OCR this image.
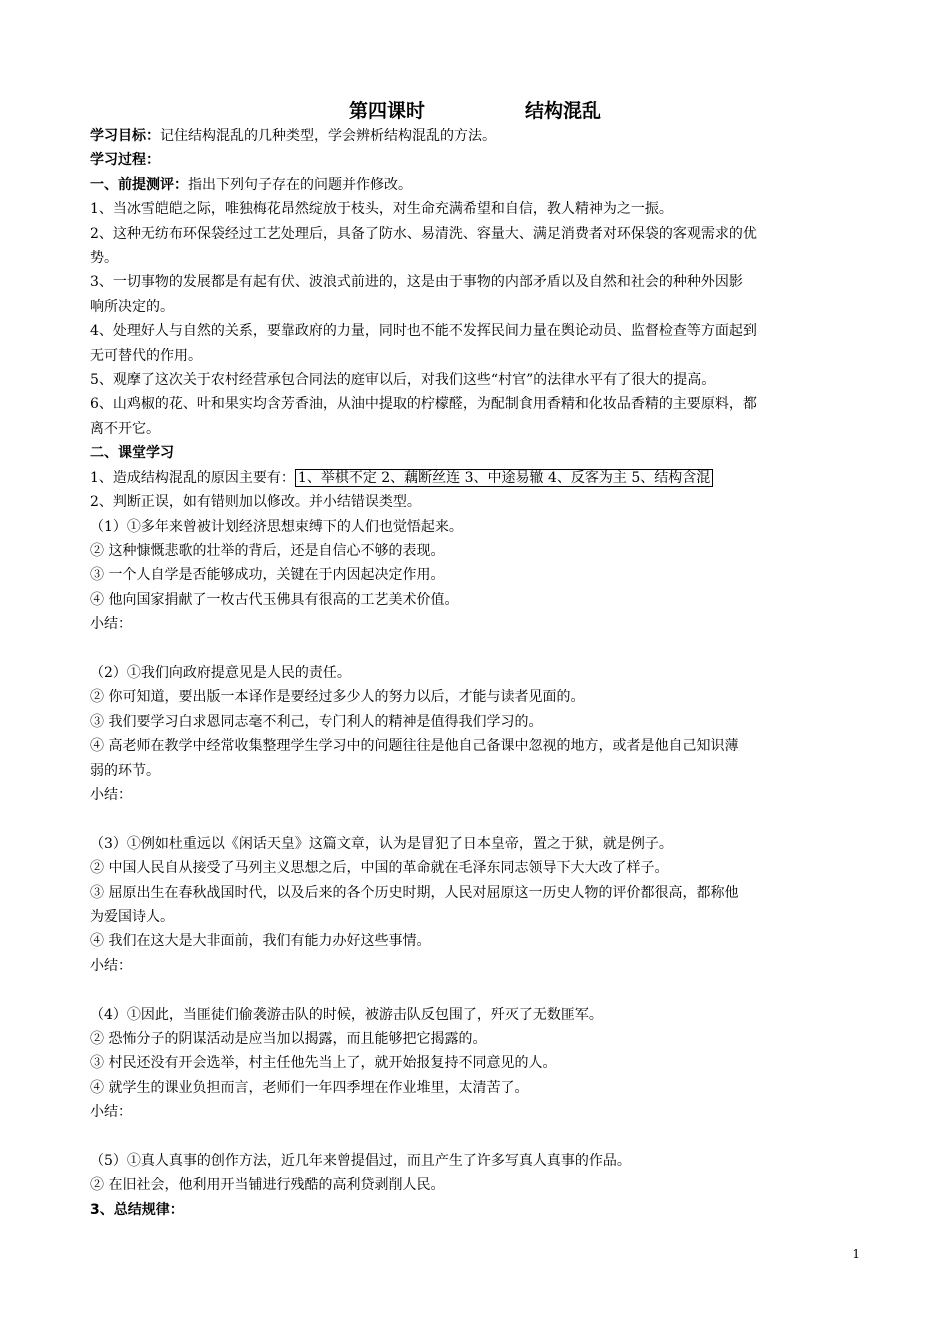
第四课时	结构混乱

学习目标：记住结构混乱的几种类型，学会辨析结构混乱的方法。

学习过程：

一、前提测评：指出下列句子存在的问题并作修改。

1、当冰雪皑皑之际，唯独梅花昂然绽放于枝头，对生命充满希望和自信，教人精神为之一振。

2、这种无纺布环保袋经过工艺处理后，具备了防水、易清洗、容量大、满足消费者对环保袋的客观需求的优

势。

3、一切事物的发展都是有起有伏、波浪式前进的，这是由于事物的内部矛盾以及自然和社会的种种外因影

响所决定的。

4、处理好人与自然的关系，要靠政府的力量，同时也不能不发挥民间力量在舆论动员、监督检查等方面起到

无可替代的作用。

5、观摩了这次关于农村经营承包合同法的庭审以后，对我们这些“村官”的法律水平有了很大的提高。

6、山鸡椒的花、叶和果实均含芳香油，从油中提取的柠檬醛，为配制食用香精和化妆品香精的主要原料，都

离不开它。

二、课堂学习

1、造成结构混乱的原因主要有： 1、举棋不定 2、藕断丝连 3、中途易辙 4、反客为主 5、结构含混

2、判断正误，如有错则加以修改。并小结错误类型。

（1）①多年来曾被计划经济思想束缚下的人们也觉悟起来。

② 这种慷慨悲歌的壮举的背后，还是自信心不够的表现。

③ 一个人自学是否能够成功，关键在于内因起决定作用。

④ 他向国家捐献了一枚古代玉佛具有很高的工艺美术价值。

小结：

（2）①我们向政府提意见是人民的责任。

② 你可知道，要出版一本译作是要经过多少人的努力以后，才能与读者见面的。

③ 我们要学习白求恩同志毫不利己，专门利人的精神是值得我们学习的。

④ 高老师在教学中经常收集整理学生学习中的问题往往是他自己备课中忽视的地方，或者是他自己知识薄

弱的环节。

小结：

（3）①例如杜重远以《闲话天皇》这篇文章，认为是冒犯了日本皇帝，置之于狱，就是例子。

② 中国人民自从接受了马列主义思想之后，中国的革命就在毛泽东同志领导下大大改了样子。

③ 屈原出生在春秋战国时代，以及后来的各个历史时期，人民对屈原这一历史人物的评价都很高，都称他

为爱国诗人。

④ 我们在这大是大非面前，我们有能力办好这些事情。

小结：

（4）①因此，当匪徒们偷袭游击队的时候，被游击队反包围了，歼灭了无数匪军。

② 恐怖分子的阴谋活动是应当加以揭露，而且能够把它揭露的。

③ 村民还没有开会选举，村主任他先当上了，就开始报复持不同意见的人。

④ 就学生的课业负担而言，老师们一年四季埋在作业堆里，太清苦了。

小结：

（5）①真人真事的创作方法，近几年来曾提倡过，而且产生了许多写真人真事的作品。

② 在旧社会，他利用开当铺进行残酷的高利贷剥削人民。

3、总结规律：

1
